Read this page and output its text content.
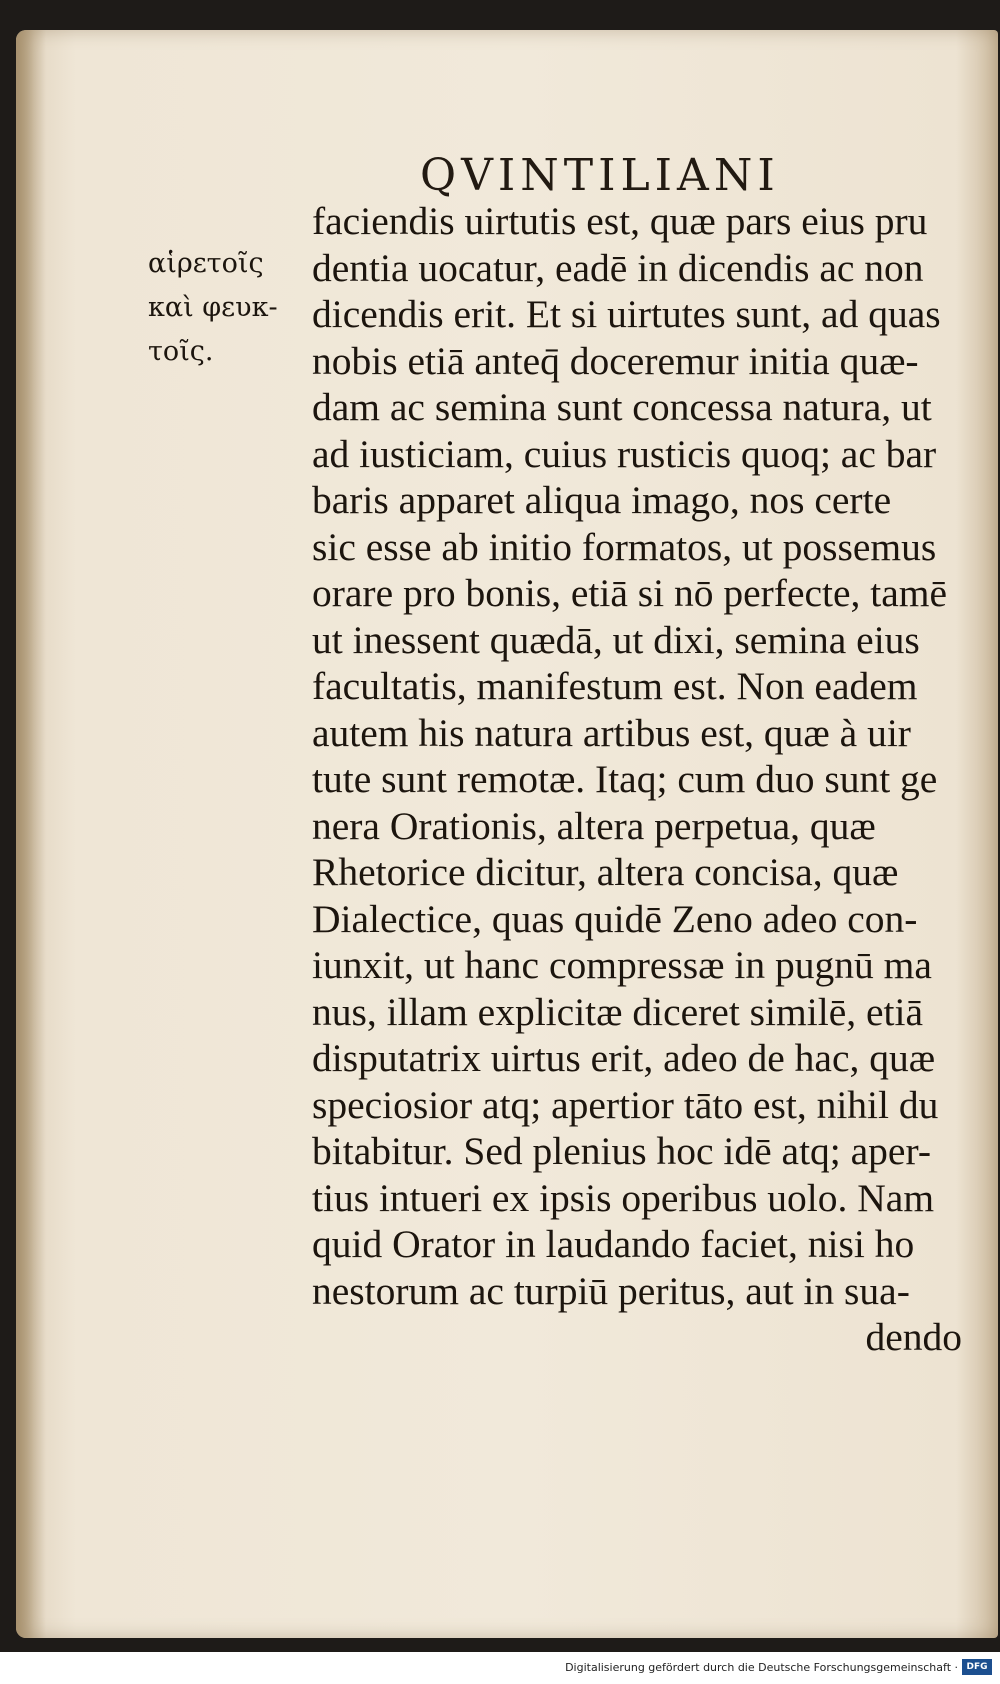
QVINTILIANI
αἱρετοῖς
καὶ φευκ-
τοῖς.
faciendis uirtutis est, quæ pars eius pru
dentia uocatur, eadē in dicendis ac non
dicendis erit. Et si uirtutes sunt, ad quas
nobis etiā anteq̄ doceremur initia quæ-
dam ac semina sunt concessa natura, ut
ad iusticiam, cuius rusticis quoq; ac bar
baris apparet aliqua imago, nos certe
sic esse ab initio formatos, ut possemus
orare pro bonis, etiā si nō perfecte, tamē
ut inessent quædā, ut dixi, semina eius
facultatis, manifestum est. Non eadem
autem his natura artibus est, quæ à uir
tute sunt remotæ. Itaq; cum duo sunt ge
nera Orationis, altera perpetua, quæ
Rhetorice dicitur, altera concisa, quæ
Dialectice, quas quidē Zeno adeo con-
iunxit, ut hanc compressæ in pugnū ma
nus, illam explicitæ diceret similē, etiā
disputatrix uirtus erit, adeo de hac, quæ
speciosior atq; apertior tāto est, nihil du
bitabitur. Sed plenius hoc idē atq; aper-
tius intueri ex ipsis operibus uolo. Nam
quid Orator in laudando faciet, nisi ho
nestorum ac turpiū peritus, aut in sua-
dendo
Digitalisierung gefördert durch die Deutsche Forschungsgemeinschaft · DFG
